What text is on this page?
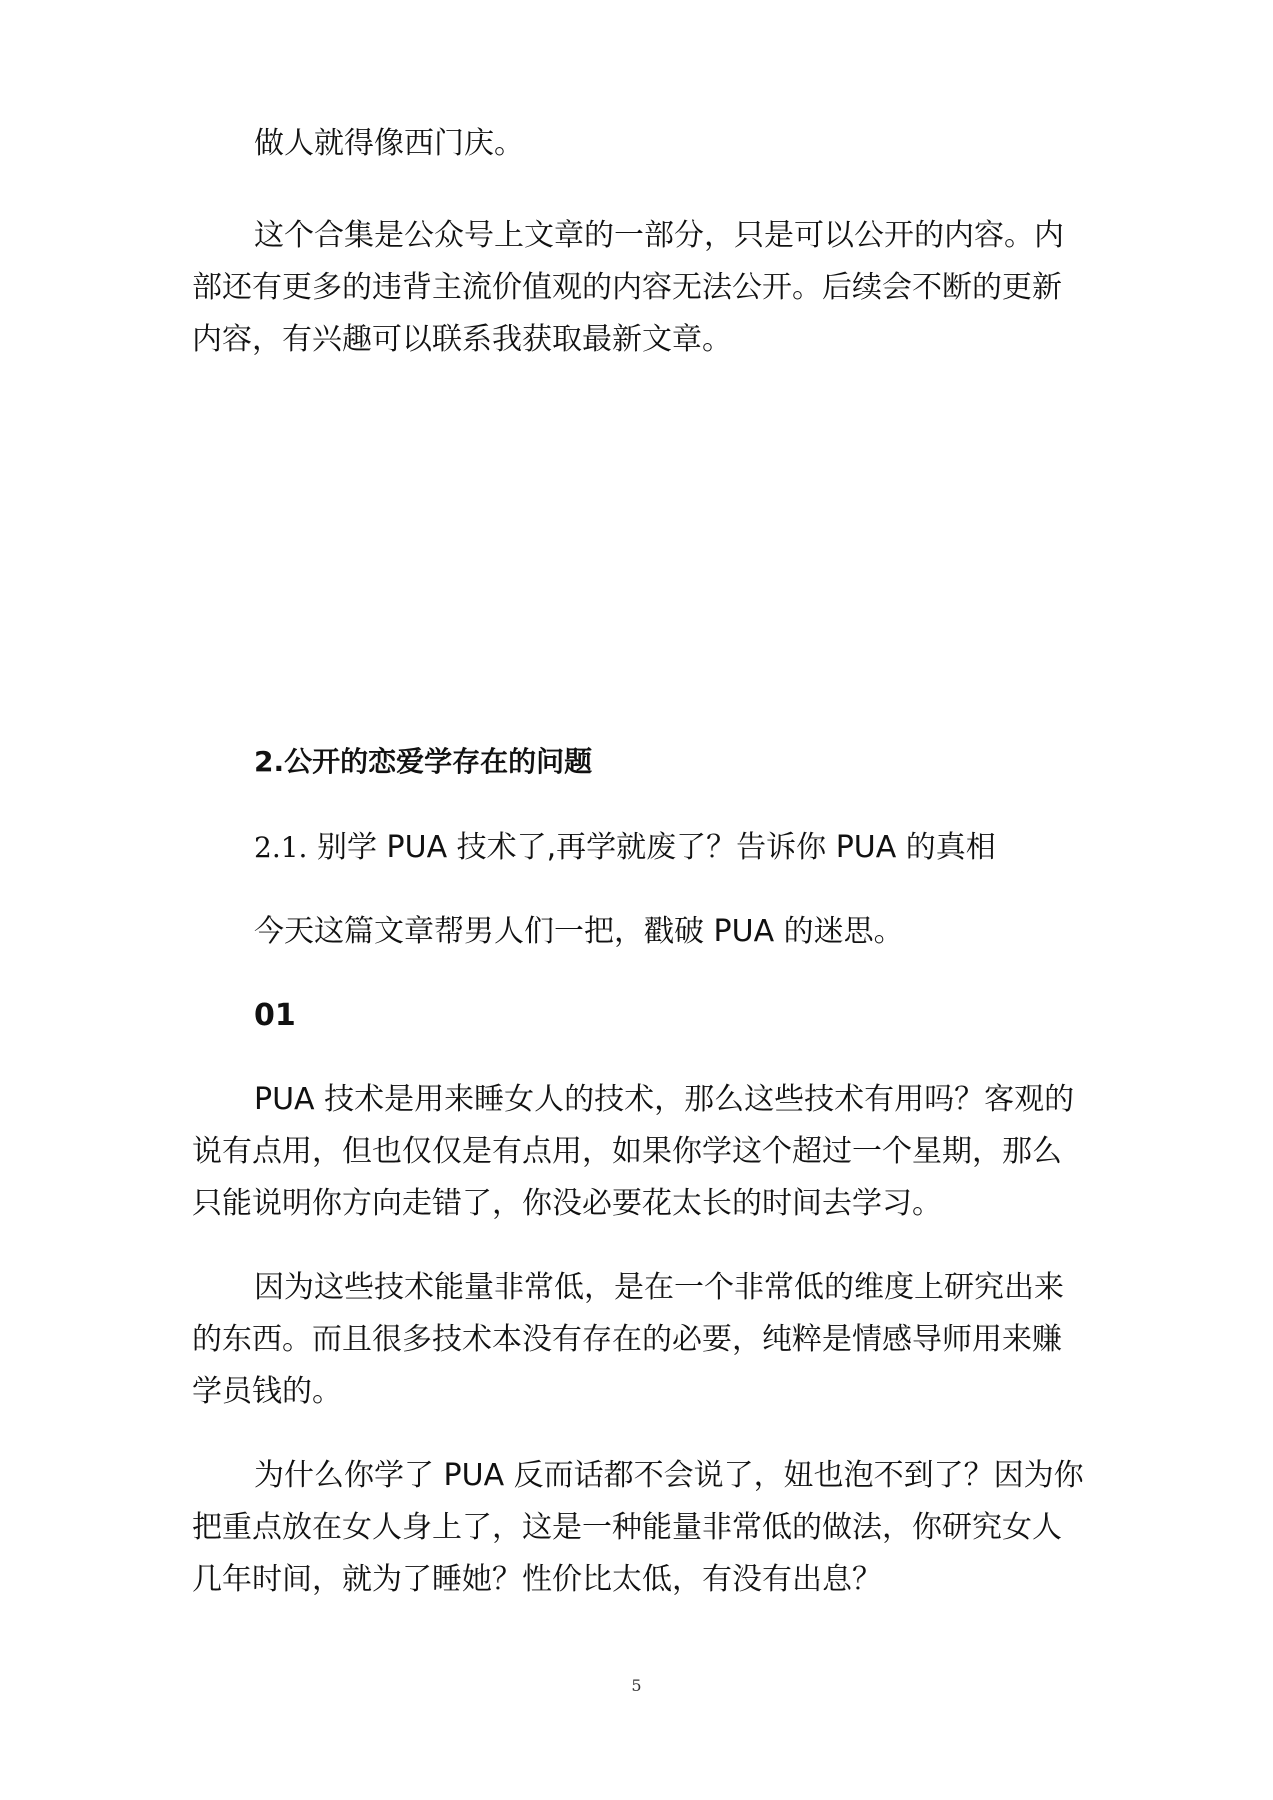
做人就得像西门庆。

这个合集是公众号上文章的一部分，只是可以公开的内容。内部还有更多的违背主流价值观的内容无法公开。后续会不断的更新内容，有兴趣可以联系我获取最新文章。

2.公开的恋爱学存在的问题
2.1. 别学 PUA 技术了,再学就废了？告诉你 PUA 的真相

今天这篇文章帮男人们一把，戳破 PUA 的迷思。

01

PUA 技术是用来睡女人的技术，那么这些技术有用吗？客观的说有点用，但也仅仅是有点用，如果你学这个超过一个星期，那么只能说明你方向走错了，你没必要花太长的时间去学习。

因为这些技术能量非常低，是在一个非常低的维度上研究出来的东西。而且很多技术本没有存在的必要，纯粹是情感导师用来赚学员钱的。

为什么你学了 PUA 反而话都不会说了，妞也泡不到了？因为你把重点放在女人身上了，这是一种能量非常低的做法，你研究女人几年时间，就为了睡她？性价比太低，有没有出息？

5
